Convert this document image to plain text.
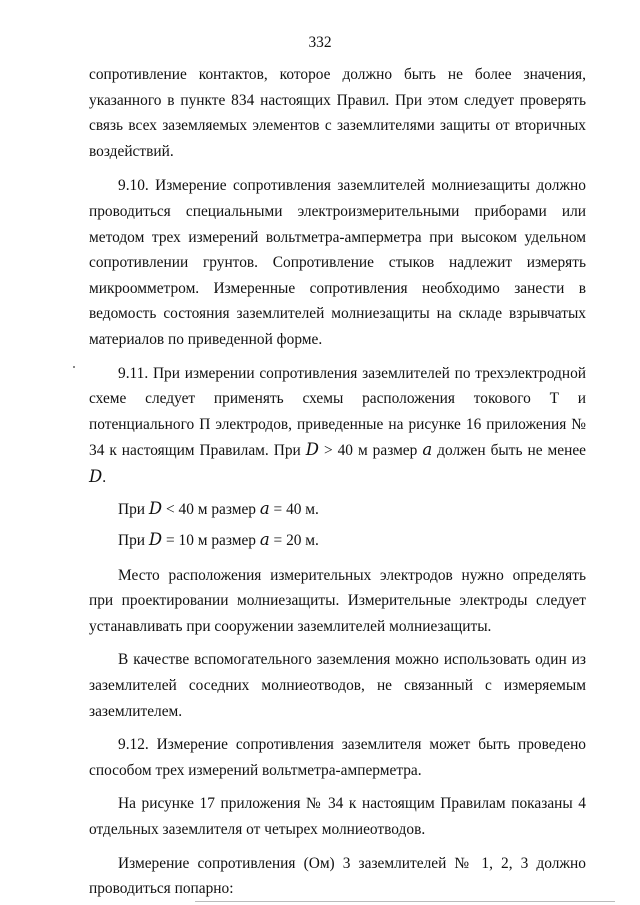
332

сопротивление контактов, которое должно быть не более значения, указанного в пункте 834 настоящих Правил. При этом следует проверять связь всех заземляемых элементов с заземлителями защиты от вторичных воздействий.

9.10. Измерение сопротивления заземлителей молниезащиты должно проводиться специальными электроизмерительными приборами или методом трех измерений вольтметра-амперметра при высоком удельном сопротивлении грунтов. Сопротивление стыков надлежит измерять микроомметром. Измеренные сопротивления необходимо занести в ведомость состояния заземлителей молниезащиты на складе взрывчатых материалов по приведенной форме.

9.11. При измерении сопротивления заземлителей по трехэлектродной схеме следует применять схемы расположения токового Т и потенциального П электродов, приведенные на рисунке 16 приложения № 34 к настоящим Правилам. При D > 40 м размер a должен быть не менее D.

При D < 40 м размер a = 40 м.

При D = 10 м размер a = 20 м.

Место расположения измерительных электродов нужно определять при проектировании молниезащиты. Измерительные электроды следует устанавливать при сооружении заземлителей молниезащиты.

В качестве вспомогательного заземления можно использовать один из заземлителей соседних молниеотводов, не связанный с измеряемым заземлителем.

9.12. Измерение сопротивления заземлителя может быть проведено способом трех измерений вольтметра-амперметра.

На рисунке 17 приложения № 34 к настоящим Правилам показаны 4 отдельных заземлителя от четырех молниеотводов.

Измерение сопротивления (Ом) 3 заземлителей № 1, 2, 3 должно проводиться попарно:
